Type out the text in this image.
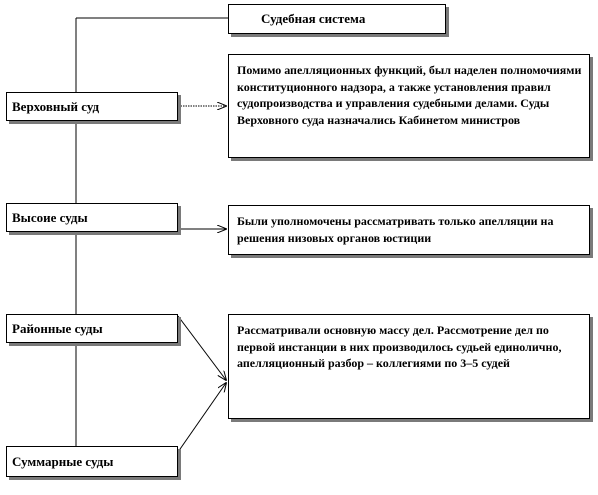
Судебная система
Верховный суд
Высоие суды
Районные суды
Суммарные суды
Помимо апелляционных функций, был наделен полномочиями конституционного надзора, а также установления правил судопроизводства и управления судебными делами. Суды Верховного суда назначались Кабинетом министров
Были уполномочены рассматривать только апелляции на решения низовых органов юстиции
Рассматривали основную массу дел. Рассмотрение дел по первой инстанции в них производилось судьей единолично, апелляционный разбор – коллегиями по 3–5 судей
